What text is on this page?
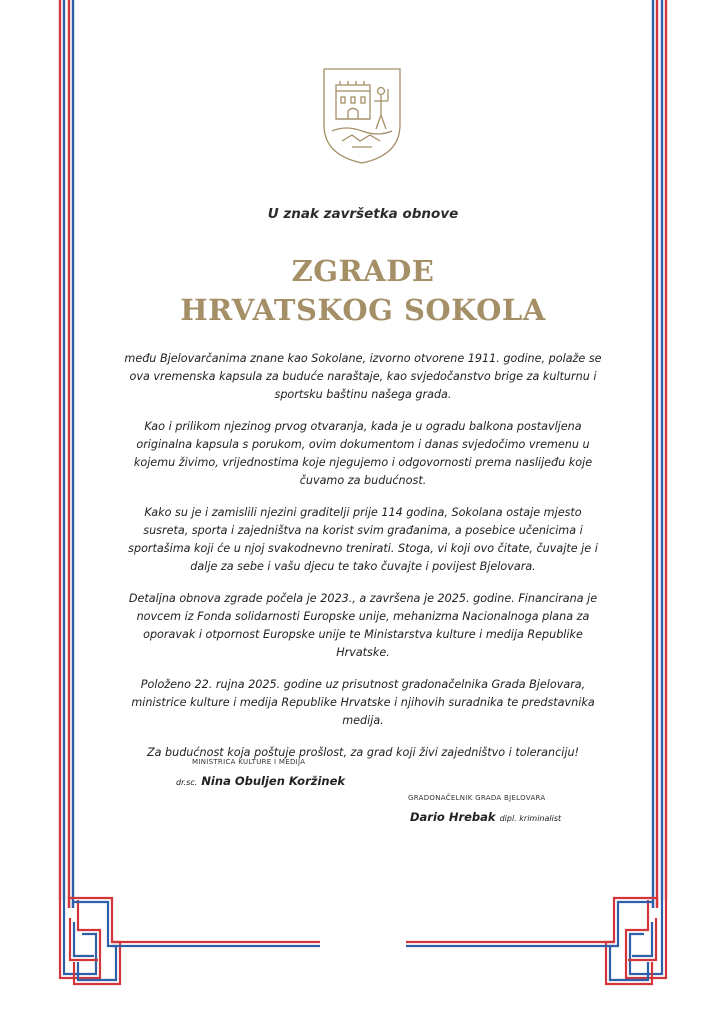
U znak završetka obnove
ZGRADE
HRVATSKOG SOKOLA

među Bjelovarčanima znane kao Sokolane, izvorno otvorene 1911. godine, polaže se ova vremenska kapsula za buduće naraštaje, kao svjedočanstvo brige za kulturnu i sportsku baštinu našega grada.

Kao i prilikom njezinog prvog otvaranja, kada je u ogradu balkona postavljena originalna kapsula s porukom, ovim dokumentom i danas svjedočimo vremenu u kojemu živimo, vrijednostima koje njegujemo i odgovornosti prema naslijeđu koje čuvamo za budućnost.

Kako su je i zamislili njezini graditelji prije 114 godina, Sokolana ostaje mjesto susreta, sporta i zajedništva na korist svim građanima, a posebice učenicima i sportašima koji će u njoj svakodnevno trenirati. Stoga, vi koji ovo čitate, čuvajte je i dalje za sebe i vašu djecu te tako čuvajte i povijest Bjelovara.

Detaljna obnova zgrade počela je 2023., a završena je 2025. godine. Financirana je novcem iz Fonda solidarnosti Europske unije, mehanizma Nacionalnoga plana za oporavak i otpornost Europske unije te Ministarstva kulture i medija Republike Hrvatske.

Položeno 22. rujna 2025. godine uz prisutnost gradonačelnika Grada Bjelovara, ministrice kulture i medija Republike Hrvatske i njihovih suradnika te predstavnika medija.

Za budućnost koja poštuje prošlost, za grad koji živi zajedništvo i toleranciju!

MINISTRICA KULTURE I MEDIJA
dr.sc. Nina Obuljen Koržinek
GRADONAČELNIK GRADA BJELOVARA
Dario Hrebak dipl. kriminalist
